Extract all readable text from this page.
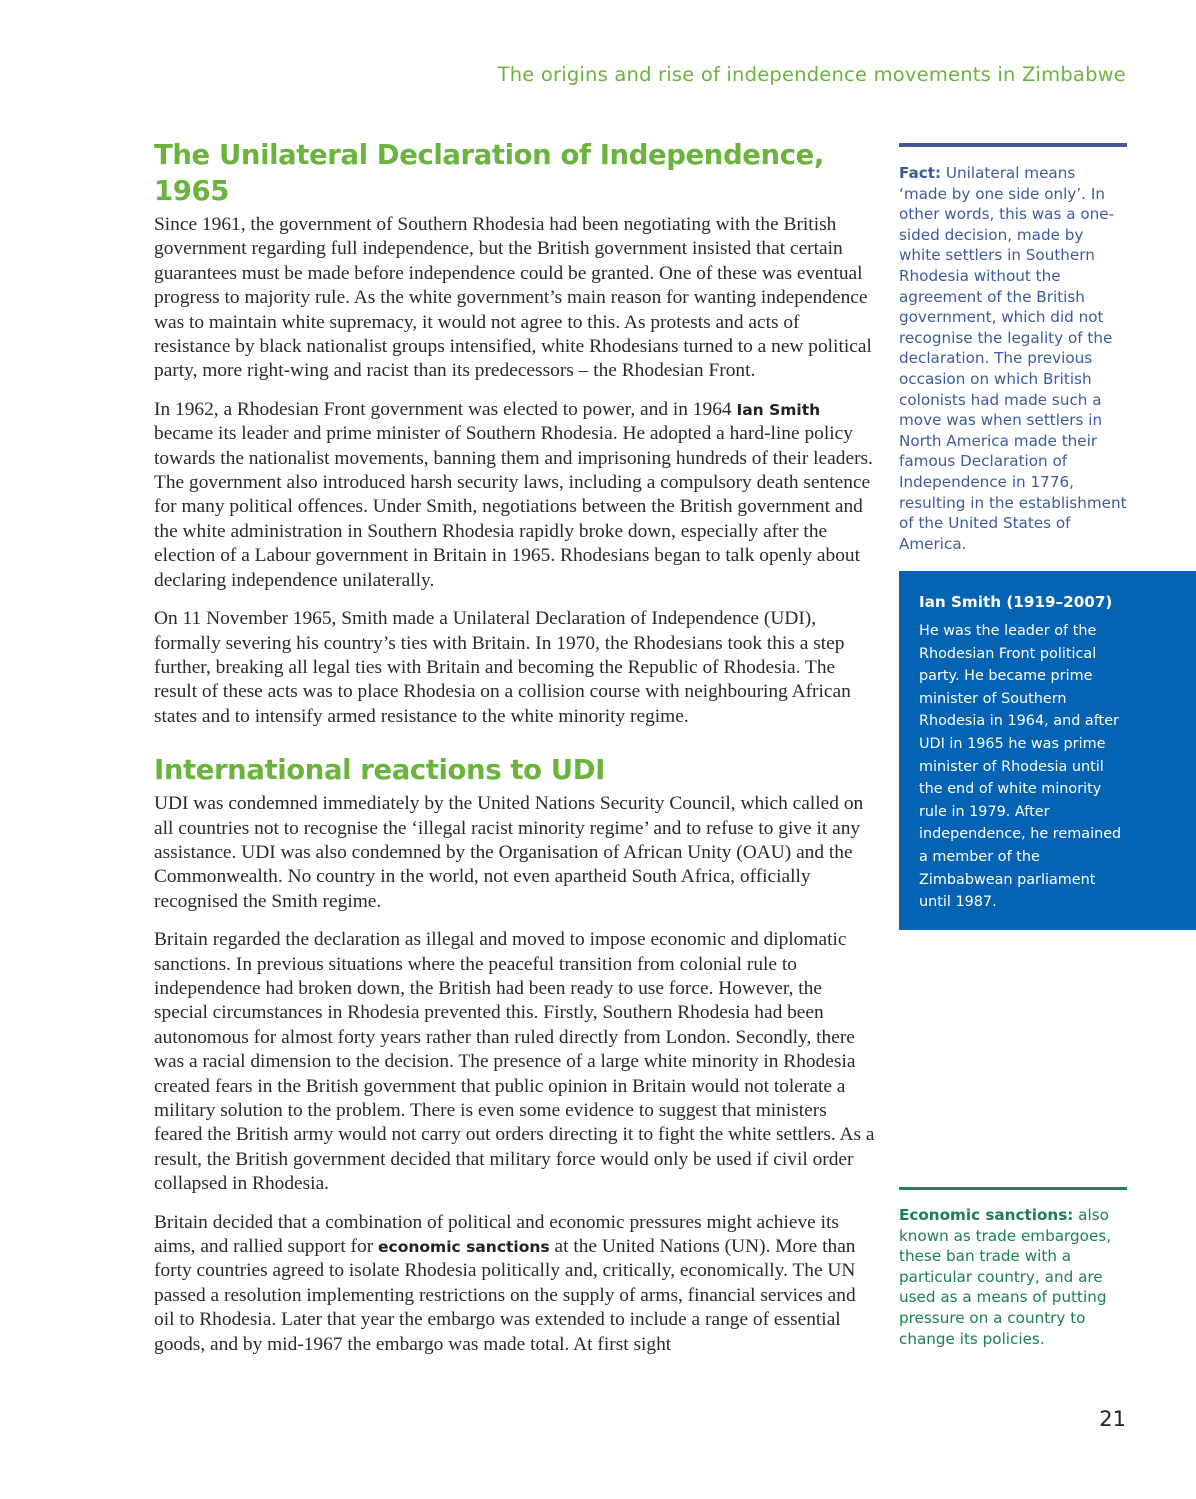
The origins and rise of independence movements in Zimbabwe
The Unilateral Declaration of Independence, 1965

Since 1961, the government of Southern Rhodesia had been negotiating with the British government regarding full independence, but the British government insisted that certain guarantees must be made before independence could be granted. One of these was eventual progress to majority rule. As the white government’s main reason for wanting independence was to maintain white supremacy, it would not agree to this. As protests and acts of resistance by black nationalist groups intensified, white Rhodesians turned to a new political party, more right-wing and racist than its predecessors – the Rhodesian Front.

In 1962, a Rhodesian Front government was elected to power, and in 1964 Ian Smith became its leader and prime minister of Southern Rhodesia. He adopted a hard-line policy towards the nationalist movements, banning them and imprisoning hundreds of their leaders. The government also introduced harsh security laws, including a compulsory death sentence for many political offences. Under Smith, negotiations between the British government and the white administration in Southern Rhodesia rapidly broke down, especially after the election of a Labour government in Britain in 1965. Rhodesians began to talk openly about declaring independence unilaterally.

On 11 November 1965, Smith made a Unilateral Declaration of Independence (UDI), formally severing his country’s ties with Britain. In 1970, the Rhodesians took this a step further, breaking all legal ties with Britain and becoming the Republic of Rhodesia. The result of these acts was to place Rhodesia on a collision course with neighbouring African states and to intensify armed resistance to the white minority regime.

International reactions to UDI

UDI was condemned immediately by the United Nations Security Council, which called on all countries not to recognise the ‘illegal racist minority regime’ and to refuse to give it any assistance. UDI was also condemned by the Organisation of African Unity (OAU) and the Commonwealth. No country in the world, not even apartheid South Africa, officially recognised the Smith regime.

Britain regarded the declaration as illegal and moved to impose economic and diplomatic sanctions. In previous situations where the peaceful transition from colonial rule to independence had broken down, the British had been ready to use force. However, the special circumstances in Rhodesia prevented this. Firstly, Southern Rhodesia had been autonomous for almost forty years rather than ruled directly from London. Secondly, there was a racial dimension to the decision. The presence of a large white minority in Rhodesia created fears in the British government that public opinion in Britain would not tolerate a military solution to the problem. There is even some evidence to suggest that ministers feared the British army would not carry out orders directing it to fight the white settlers. As a result, the British government decided that military force would only be used if civil order collapsed in Rhodesia.

Britain decided that a combination of political and economic pressures might achieve its aims, and rallied support for economic sanctions at the United Nations (UN). More than forty countries agreed to isolate Rhodesia politically and, critically, economically. The UN passed a resolution implementing restrictions on the supply of arms, financial services and oil to Rhodesia. Later that year the embargo was extended to include a range of essential goods, and by mid-1967 the embargo was made total. At first sight

Fact: Unilateral means ‘made by one side only’. In other words, this was a one-sided decision, made by white settlers in Southern Rhodesia without the agreement of the British government, which did not recognise the legality of the declaration. The previous occasion on which British colonists had made such a move was when settlers in North America made their famous Declaration of Independence in 1776, resulting in the establishment of the United States of America.
Ian Smith (1919–2007)

He was the leader of the Rhodesian Front political party. He became prime minister of Southern Rhodesia in 1964, and after UDI in 1965 he was prime minister of Rhodesia until the end of white minority rule in 1979. After independence, he remained a member of the Zimbabwean parliament until 1987.

Economic sanctions: also known as trade embargoes, these ban trade with a particular country, and are used as a means of putting pressure on a country to change its policies.
21
